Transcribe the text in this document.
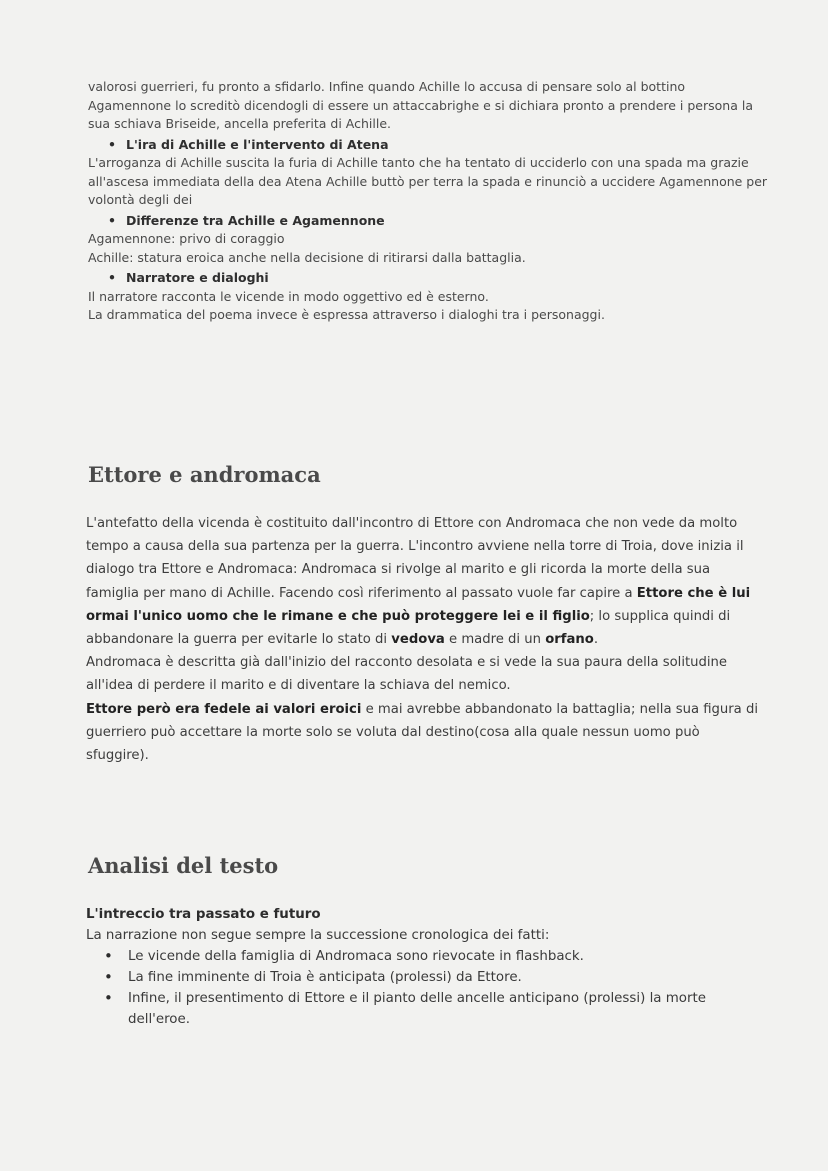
valorosi guerrieri, fu pronto a sfidarlo. Infine quando Achille lo accusa di pensare solo al bottino Agamennone lo screditò dicendogli di essere un attaccabrighe e si dichiara pronto a prendere i persona la sua schiava Briseide, ancella preferita di Achille.

• L'ira di Achille e l'intervento di Atena

L'arroganza di Achille suscita la furia di Achille tanto che ha tentato di ucciderlo con una spada ma grazie all'ascesa immediata della dea Atena Achille buttò per terra la spada e rinunciò a uccidere Agamennone per volontà degli dei

• Differenze tra Achille e Agamennone

Agamennone: privo di coraggio

Achille: statura eroica anche nella decisione di ritirarsi dalla battaglia.

• Narratore e dialoghi

Il narratore racconta le vicende in modo oggettivo ed è esterno.

La drammatica del poema invece è espressa attraverso i dialoghi tra i personaggi.

Ettore e andromaca

L'antefatto della vicenda è costituito dall'incontro di Ettore con Andromaca che non vede da molto tempo a causa della sua partenza per la guerra. L'incontro avviene nella torre di Troia, dove inizia il dialogo tra Ettore e Andromaca: Andromaca si rivolge al marito e gli ricorda la morte della sua famiglia per mano di Achille. Facendo così riferimento al passato vuole far capire a Ettore che è lui ormai l'unico uomo che le rimane e che può proteggere lei e il figlio; lo supplica quindi di abbandonare la guerra per evitarle lo stato di vedova e madre di un orfano.

Andromaca è descritta già dall'inizio del racconto desolata e si vede la sua paura della solitudine all'idea di perdere il marito e di diventare la schiava del nemico.

Ettore però era fedele ai valori eroici e mai avrebbe abbandonato la battaglia; nella sua figura di guerriero può accettare la morte solo se voluta dal destino(cosa alla quale nessun uomo può sfuggire).

Analisi del testo

L'intreccio tra passato e futuro

La narrazione non segue sempre la successione cronologica dei fatti:

• Le vicende della famiglia di Andromaca sono rievocate in flashback.
• La fine imminente di Troia è anticipata (prolessi) da Ettore.
• Infine, il presentimento di Ettore e il pianto delle ancelle anticipano (prolessi) la morte dell'eroe.
